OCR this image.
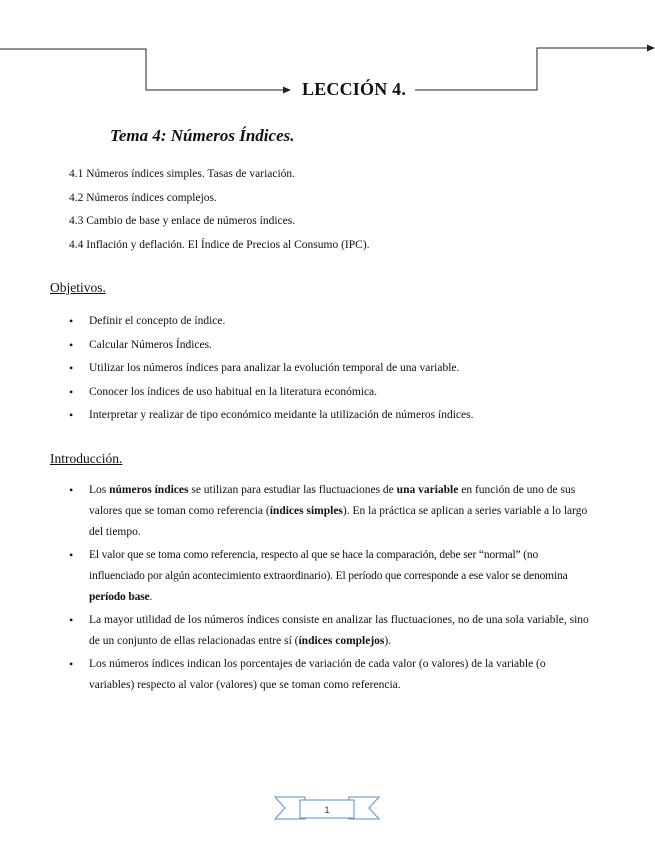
LECCIÓN 4.
Tema 4: Números Índices.
4.1 Números índices simples. Tasas de variación.
4.2 Números índices complejos.
4.3 Cambio de base y enlace de números índices.
4.4 Inflación y deflación. El Índice de Precios al Consumo (IPC).
Objetivos.
• Definir el concepto de índice.
• Calcular Números Índices.
• Utilizar los números índices para analizar la evolución temporal de una variable.
• Conocer los índices de uso habitual en la literatura económica.
• Interpretar y realizar de tipo económico meidante la utilización de números índices.
Introducción.
• Los números índices se utilizan para estudiar las fluctuaciones de una variable en función de uno de sus valores que se toman como referencia (índices simples). En la práctica se aplican a series variable a lo largo del tiempo.
• El valor que se toma como referencia, respecto al que se hace la comparación, debe ser “normal” (no influenciado por algún acontecimiento extraordinario). El período que corresponde a ese valor se denomina período base.
• La mayor utilidad de los números índices consiste en analizar las fluctuaciones, no de una sola variable, sino de un conjunto de ellas relacionadas entre sí (índices complejos).
• Los números índices indican los porcentajes de variación de cada valor (o valores) de la variable (o variables) respecto al valor (valores) que se toman como referencia.
1
